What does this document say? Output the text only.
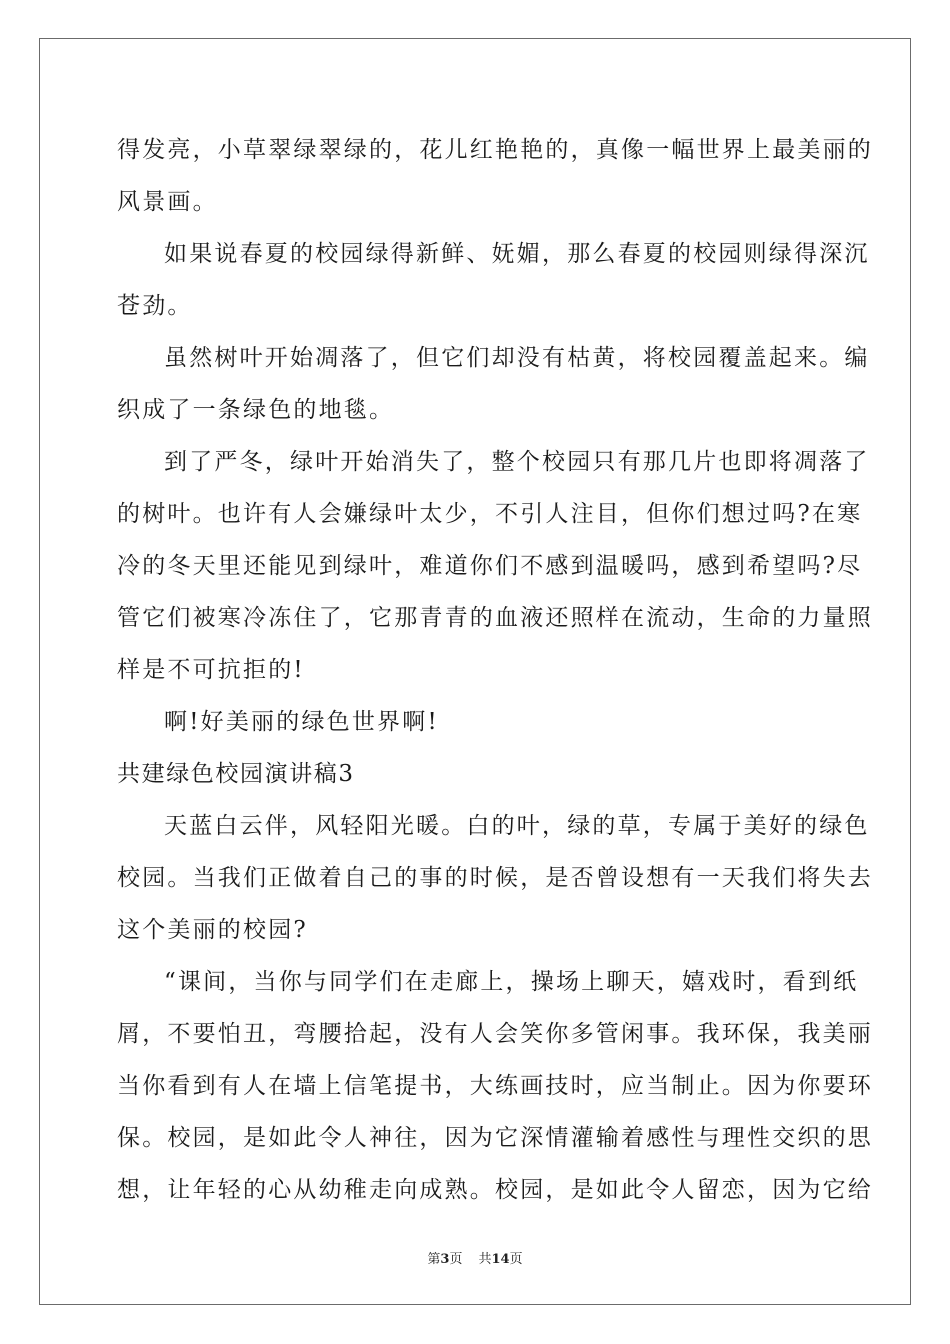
得发亮，小草翠绿翠绿的，花儿红艳艳的，真像一幅世界上最美丽的
风景画。
如果说春夏的校园绿得新鲜、妩媚，那么春夏的校园则绿得深沉
苍劲。
虽然树叶开始凋落了，但它们却没有枯黄，将校园覆盖起来。编
织成了一条绿色的地毯。
到了严冬，绿叶开始消失了，整个校园只有那几片也即将凋落了
的树叶。也许有人会嫌绿叶太少，不引人注目，但你们想过吗?在寒
冷的冬天里还能见到绿叶，难道你们不感到温暖吗，感到希望吗?尽
管它们被寒冷冻住了，它那青青的血液还照样在流动，生命的力量照
样是不可抗拒的!
啊!好美丽的绿色世界啊!
共建绿色校园演讲稿3
天蓝白云伴，风轻阳光暖。白的叶，绿的草，专属于美好的绿色
校园。当我们正做着自己的事的时候，是否曾设想有一天我们将失去
这个美丽的校园?
“课间，当你与同学们在走廊上，操场上聊天，嬉戏时，看到纸
屑，不要怕丑，弯腰拾起，没有人会笑你多管闲事。我环保，我美丽
当你看到有人在墙上信笔提书，大练画技时，应当制止。因为你要环
保。校园，是如此令人神往，因为它深情灌输着感性与理性交织的思
想，让年轻的心从幼稚走向成熟。校园，是如此令人留恋，因为它给
第3页 共14页
